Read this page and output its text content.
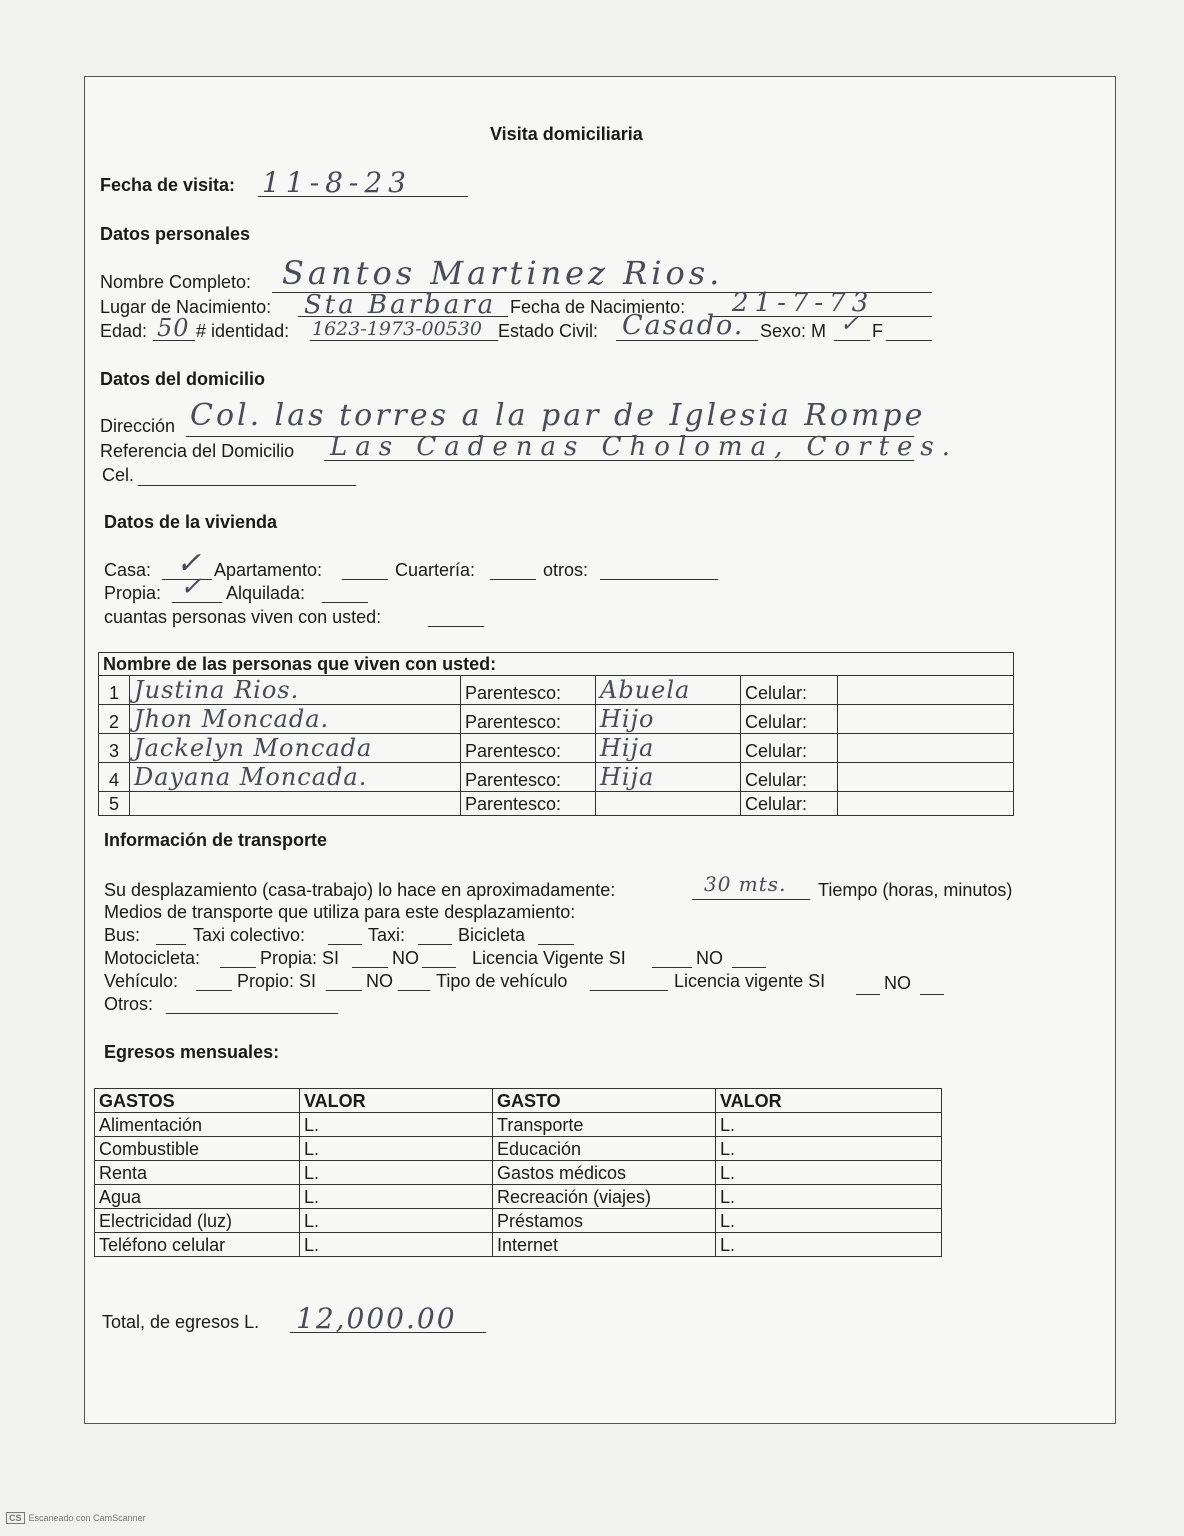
Visita domiciliaria
Fecha de visita: 11-8-23
Datos personales
Nombre Completo: Santos Martinez Rios.
Lugar de Nacimiento: Sta Barbara Fecha de Nacimiento: 21-7-73
Edad: 50 # identidad: 1623-1973-00530 Estado Civil: Casado. Sexo: M ✓ F
Datos del domicilio
Dirección Col. las torres a la par de Iglesia Rompe
Referencia del Domicilio Las Cadenas Choloma, Cortes.
Cel.
Datos de la vivienda
Casa: ✓ Apartamento:	Cuartería:	otros:
Propia: ✓ Alquilada:
cuantas personas viven con usted:
Nombre de las personas que viven con usted:					
1	Justina Rios.	Parentesco:	Abuela	Celular:	
2	Jhon Moncada.	Parentesco:	Hijo	Celular:	
3	Jackelyn Moncada	Parentesco:	Hija	Celular:	
4	Dayana Moncada.	Parentesco:	Hija	Celular:	
5		Parentesco:		Celular:	
Información de transporte
Su desplazamiento (casa-trabajo) lo hace en aproximadamente:	30 mts. Tiempo (horas, minutos)
Medios de transporte que utiliza para este desplazamiento:
Bus:	Taxi colectivo:	Taxi:	Bicicleta
Motocicleta:	Propia: SI	NO	Licencia Vigente SI	NO
Vehículo:	Propio: SI	NO Tipo de vehículo	Licencia vigente SI	NO
Otros:
Egresos mensuales:
GASTOS	VALOR	GASTO	VALOR
Alimentación	L.	Transporte	L.
Combustible	L.	Educación	L.
Renta	L.	Gastos médicos	L.
Agua	L.	Recreación (viajes)	L.
Electricidad (luz)	L.	Préstamos	L.
Teléfono celular	L.	Internet	L.
Total, de egresos L. 12,000.00
CS Escaneado con CamScanner
